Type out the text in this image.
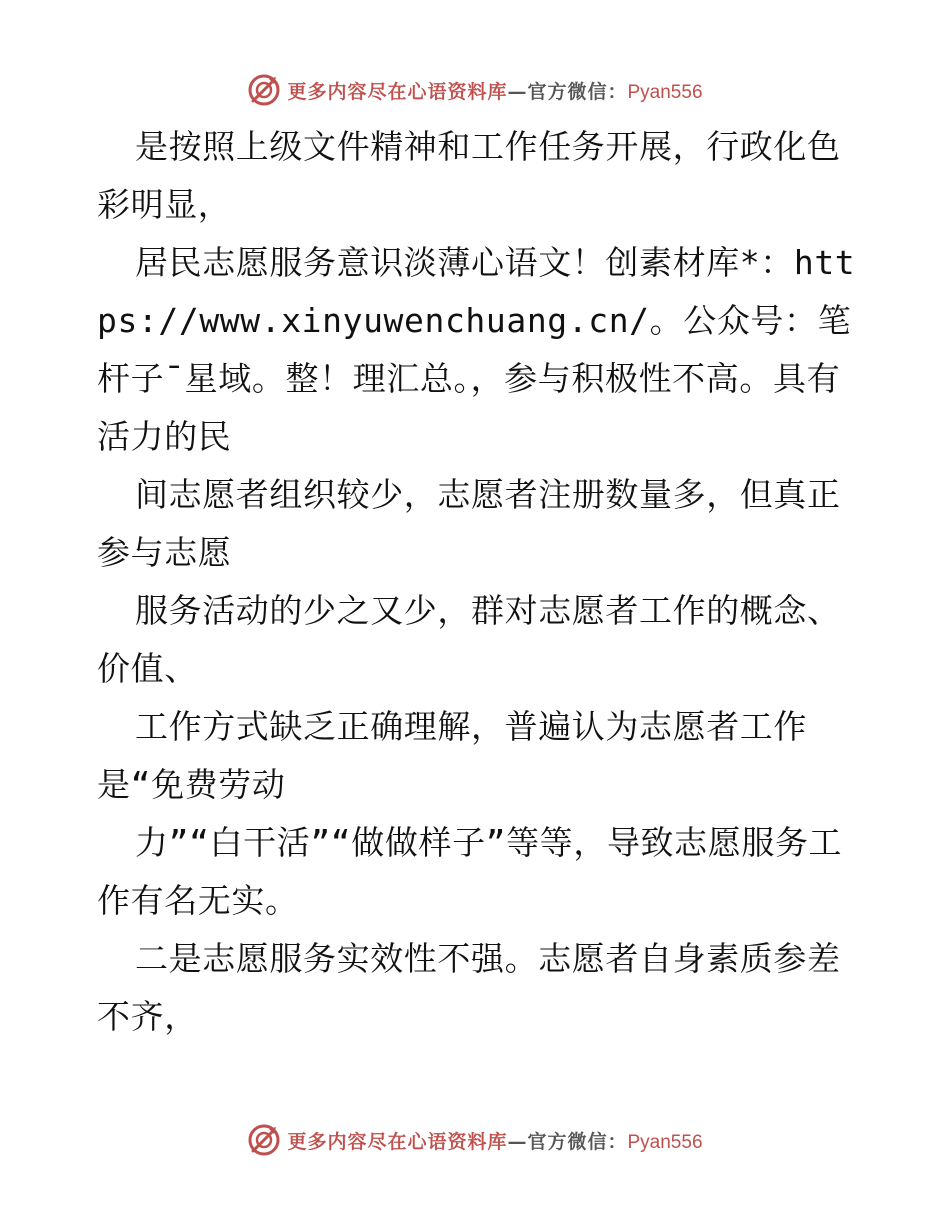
更多内容尽在心语资料库 —官方微信： Pyan556

是按照上级文件精神和工作任务开展，行政化色彩明显，

居民志愿服务意识淡薄心语文！创素材库*：https://www.xinyuwenchuang.cn/。公众号：笔杆子¯星域。整！理汇总。，参与积极性不高。具有活力的民

间志愿者组织较少，志愿者注册数量多，但真正参与志愿

服务活动的少之又少，群对志愿者工作的概念、价值、

工作方式缺乏正确理解，普遍认为志愿者工作是“免费劳动

力”“白干活”“做做样子”等等，导致志愿服务工作有名无实。

二是志愿服务实效性不强。志愿者自身素质参差不齐，

更多内容尽在心语资料库 —官方微信： Pyan556
